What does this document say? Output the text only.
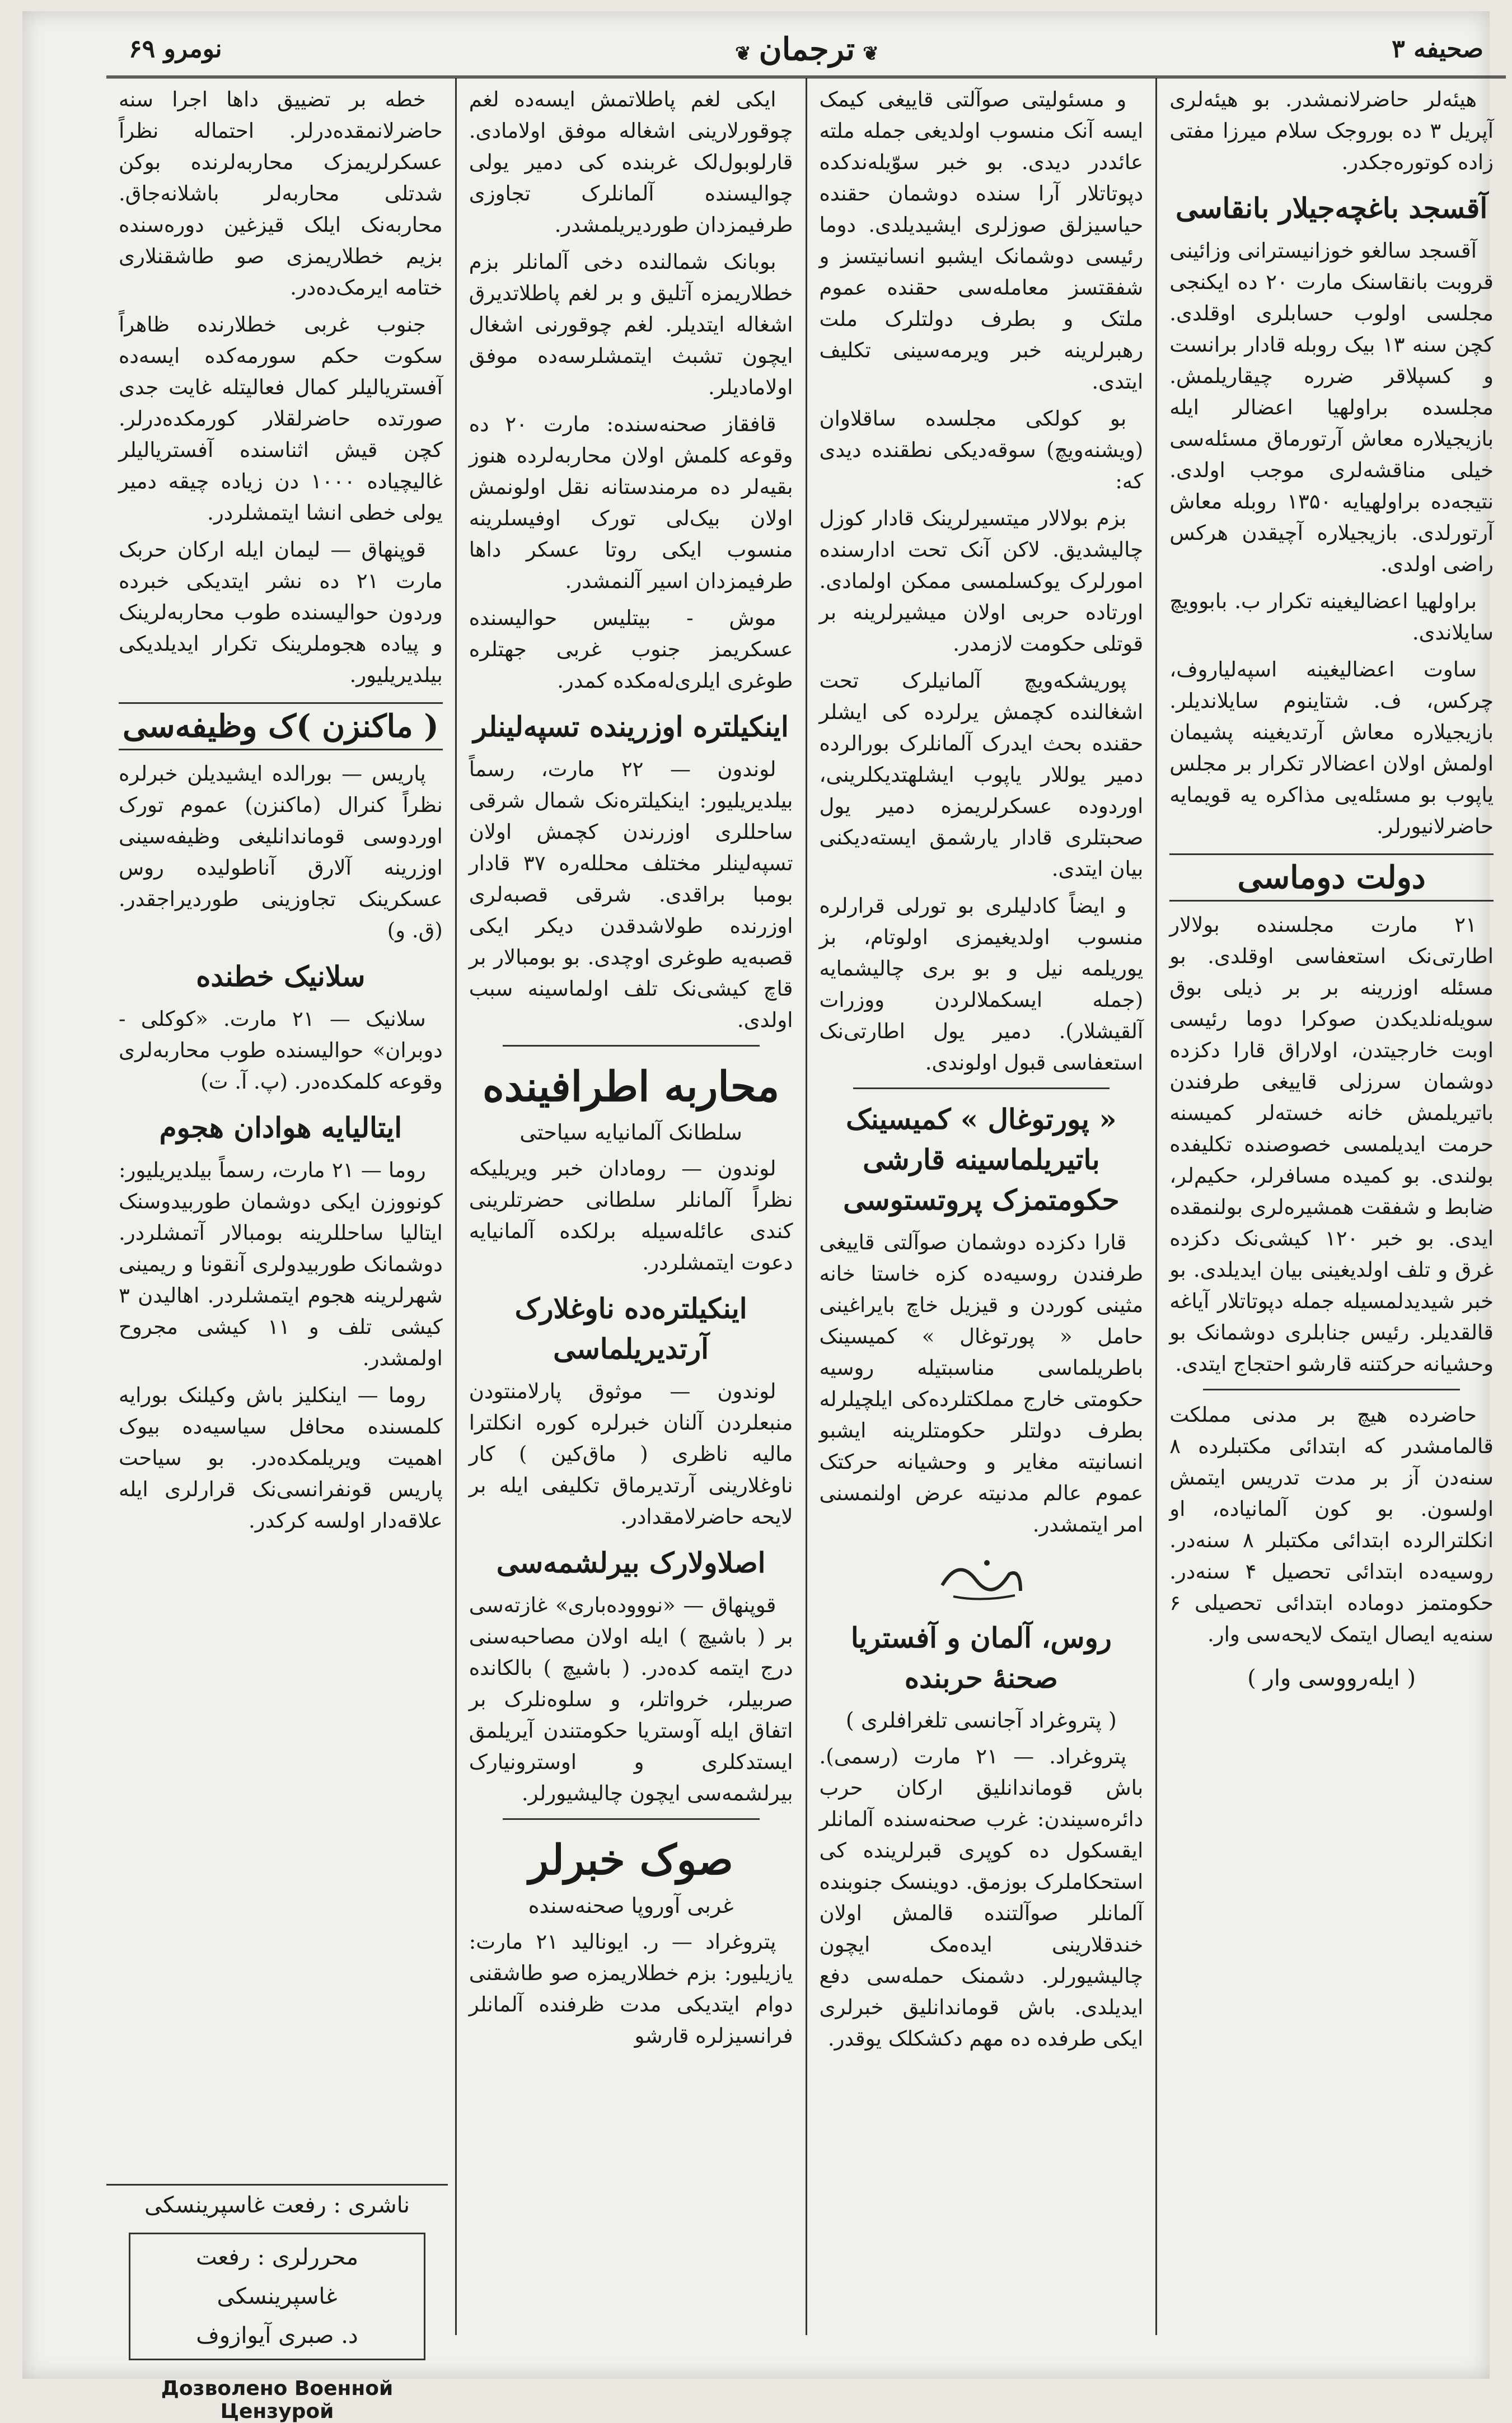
صحیفه ۳
❦ترجمان❦
نومرو ۶۹

هیئه‌لر حاضرلانمشدر. بو هیئه‌لری آپریل ۳ ده بوروجک سلام میرزا مفتی زاده کوتوره‌جکدر.

آقسجد باغچه‌جیلار بانقاسی

آقسجد سالغو خوزانیسترانی وزائینی قروبت بانقاسنک مارت ۲۰ ده ایکنجی مجلسی اولوب حسابلری اوقلدی. کچن سنه ۱۳ بیک روبله قادار برانست و کسپلاقر ضرره چیقاریلمش. مجلسده براولهیا اعضالر ایله بازیجیلاره معاش آرتورماق مسئله‌سی خیلی مناقشه‌لری موجب اولدی. نتیجه‌ده براولهیایه ۱۳۵۰ روبله معاش آرتورلدی. بازیجیلاره آچیقدن هرکس راضی اولدی.

براولهیا اعضالیغینه تکرار ب. بابوویچ سایلاندی.

ساوت اعضالیغینه اسپه‌لیاروف، چرکس، ف. شتاینوم سایلاندیلر. بازیجیلاره معاش آرتدیغینه پشیمان اولمش اولان اعضالار تکرار بر مجلس یاپوب بو مسئله‌یی مذاکره یه قویمایه حاضرلانیورلر.

دولت دوماسی

۲۱ مارت مجلسنده بولالار اطارتی‌نک استعفاسی اوقلدی. بو مسئله اوزرینه بر بر ذیلی بوق سویله‌نلدیکدن صوکرا دوما رئیسی اوبت خارجیتدن، اولاراق قارا دکزده دوشمان سرزلی قاییغی طرفندن باتیریلمش خانه خسته‌لر کمیسنه حرمت ایدیلمسی خصوصنده تکلیفده بولندی. بو کمیده مسافرلر، حکیم‌لر، ضابط و شفقت همشیره‌لری بولنمقده ایدی. بو خبر ۱۲۰ کیشی‌نک دکزده غرق و تلف اولدیغینی بیان ایدیلدی. بو خبر شیدیدلمسیله جمله دپوتاتلار آیاغه قالقدیلر. رئیس جنابلری دوشمانک بو وحشیانه حرکتنه قارشو احتجاج ایتدی.

حاضرده هیچ بر مدنی مملکت قالمامشدر که ابتدائی مکتبلرده ۸ سنه‌دن آز بر مدت تدریس ایتمش اولسون. بو کون آلمانیاده، او انکلترالرده ابتدائی مکتبلر ۸ سنه‌در. روسیه‌ده ابتدائی تحصیل ۴ سنه‌در. حکومتمز دوماده ابتدائی تحصیلی ۶ سنه‌یه ایصال ایتمک لایحه‌سی وار.

( ایله‌رووسی وار )

و مسئولیتی صوآلتی قاییغی کیمک ایسه آنک منسوب اولدیغی جمله ملته عائددر دیدی. بو خبر سوّیله‌ندکده دپوتاتلار آرا سنده دوشمان حقنده حیاسیزلق صوزلری ایشیدیلدی. دوما رئیسی دوشمانک ایشبو انسانیتسز و شفقتسز معامله‌سی حقنده عموم ملتک و بطرف دولتلرک ملت رهبرلرینه خبر ویرمه‌سینی تکلیف ایتدی.

بو کولکی مجلسده ساقلاوان (ویشنه‌ویچ) سوقه‌دیکی نطقنده دیدی که:

بزم بولالار میتسیرلرینک قادار کوزل چالیشدیق. لاکن آنک تحت ادارسنده امورلرک یوکسلمسی ممکن اولمادی. اورتاده حربی اولان میشیرلرینه بر قوتلی حکومت لازمدر.

پوریشکه‌ویچ آلمانیلرک تحت اشغالنده کچمش یرلرده کی ایشلر حقنده بحث ایدرک آلمانلرک بورالرده دمیر یوللار یاپوب ایشلهتدیکلرینی، اوردوده عسکرلریمزه دمیر یول صحبتلری قادار یارشمق ایسته‌دیکنی بیان ایتدی.

و ایضاً کادلیلری بو تورلی قرارلره منسوب اولدیغیمزی اولوتام، بز یوریلمه نیل و بو بری چالیشمایه (جمله ایسکملالردن ووزرات آلقیشلار). دمیر یول اطارتی‌نک استعفاسی قبول اولوندی.

« پورتوغال » کمیسینک باتیریلماسینه قارشی حکومتمزک پروتستوسی

قارا دکزده دوشمان صوآلتی قاییغی طرفندن روسیه‌ده کزه خاستا خانه مثینی کوردن و قیزیل خاچ بایراغینی حامل « پورتوغال » کمیسینک باطریلماسی مناسبتیله روسیه حکومتی خارج مملکتلرده‌کی ایلچیلرله بطرف دولتلر حکومتلرینه ایشبو انسانیته مغایر و وحشیانه حرکتک عموم عالم مدنیته عرض اولنمسنی امر ایتمشدر.

روس، آلمان و آفستریا صحنهٔ حربنده
( پتروغراد آجانسی تلغرافلری )

پتروغراد. — ۲۱ مارت (رسمی). باش قوماندانلیق ارکان حرب دائره‌سیندن: غرب صحنه‌سنده آلمانلر ایقسکول ده کوپری قبرلرینده کی استحکاملرک بوزمق. دوینسک جنوبنده آلمانلر صوآلتنده قالمش اولان خندقلارینی ایده‌مک ایچون چالیشیورلر. دشمنک حمله‌سی دفع ایدیلدی. باش قوماندانلیق خبرلری ایکی طرفده ده مهم دکشکلک یوقدر.

ایکی لغم پاطلاتمش ایسه‌ده لغم چوقورلارینی اشغاله موفق اولامادی. قارلوبول‌لک غربنده کی دمیر یولی چوالیسنده آلمانلرک تجاوزی طرفیمزدان طوردیریلمشدر.

بوبانک شمالنده دخی آلمانلر بزم خطلاریمزه آتلیق و بر لغم پاطلاتدیرق اشغاله ایتدیلر. لغم چوقورنی اشغال ایچون تشبث ایتمشلرسه‌ده موفق اولامادیلر.

قافقاز صحنه‌سنده: مارت ۲۰ ده وقوعه کلمش اولان محاربه‌لرده هنوز بقیه‌لر ده مرمندستانه نقل اولونمش اولان بیک‌لی تورک اوفیسلرینه منسوب ایکی روتا عسکر داها طرفیمزدان اسیر آلنمشدر.

موش - بیتلیس حوالیسنده عسکریمز جنوب غربی جهتلره طوغری ایلری‌له‌مکده کمدر.

اینکیلتره اوزرینده تسپه‌لینلر

لوندون — ۲۲ مارت، رسماً بیلدیریلیور: اینکیلتره‌نک شمال شرقی ساحللری اوزرندن کچمش اولان تسپه‌لینلر مختلف محلله‌ره ۳۷ قادار بومبا براقدی. شرقی قصبه‌لری اوزرنده طولاشدقدن دیکر ایکی قصبه‌یه طوغری اوچدی. بو بومبالار بر قاچ کیشی‌نک تلف اولماسینه سبب اولدی.

محاربه اطرافینده
سلطانک آلمانیایه سیاحتی

لوندون — رومادان خبر ویریلیکه نظراً آلمانلر سلطانی حضرتلرینی کندی عائله‌سیله برلکده آلمانیایه دعوت ایتمشلردر.

اینکیلتره‌ده ناوغلارک آرتدیریلماسی

لوندون — موثوق پارلامنتودن منبعلردن آلنان خبرلره کوره انکلترا مالیه ناظری ( ماق‌کین ) کار ناوغلارینی آرتدیرماق تکلیفی ایله بر لایحه حاضرلامقدادر.

اصلاولارک بیرلشمه‌سی

قوپنهاق — «نوووده‌باری» غازته‌سی بر ( باشیچ ) ایله اولان مصاحبه‌سنی درج ایتمه کده‌در. ( باشیچ ) بالکانده صربیلر، خرواتلر، و سلوه‌نلرک بر اتفاق ایله آوستریا حکومتندن آیریلمق ایستدکلری و اوسترونیارک بیرلشمه‌سی ایچون چالیشیورلر.

صوک خبرلر
غربی آوروپا صحنه‌سنده

پتروغراد — ر. ایونالید ۲۱ مارت: یازیلیور: بزم خطلاریمزه صو طاشقنی دوام ایتدیکی مدت ظرفنده آلمانلر فرانسیزلره قارشو

خطه بر تضییق داها اجرا سنه حاضرلانمقده‌درلر. احتماله نظراً عسکرلریمزک محاربه‌لرنده بوکن شدتلی محاربه‌لر باشلانه‌جاق. محاربه‌نک ایلک قیزغین دوره‌سنده بزیم خطلاریمزی صو طاشقنلاری ختامه ایرمک‌ده‌در.

جنوب غربی خطلارنده ظاهراً سکوت حکم سورمه‌کده ایسه‌ده آفستریالیلر کمال فعالیتله غایت جدی صورتده حاضرلقلار کورمکده‌درلر. کچن قیش اثناسنده آفستریالیلر غالیچیاده ۱۰۰۰ دن زیاده چیقه دمیر یولی خطی انشا ایتمشلردر.

قوپنهاق — لیمان ایله ارکان حربک مارت ۲۱ ده نشر ایتدیکی خبرده وردون حوالیسنده طوب محاربه‌لرینک و پیاده هجوملرینک تکرار ایدیلدیکی بیلدیریلیور.

( ماکنزن )ک وظیفه‌سی

پاریس — بورالده ایشیدیلن خبرلره نظراً کنرال (ماکنزن) عموم تورک اوردوسی قوماندانلیغی وظیفه‌سینی اوزرینه آلارق آناطولیده روس عسکرینک تجاوزینی طوردیراجقدر. (ق. و)

سلانیک خطنده

سلانیک — ۲۱ مارت. «کوکلی - دوبران» حوالیسنده طوب محاربه‌لری وقوعه کلمکده‌در. (پ. آ. ت)

ایتالیایه هوادان هجوم

روما — ۲۱ مارت، رسماً بیلدیریلیور: کونووزن ایکی دوشمان طوربیدوسنک ایتالیا ساحللرینه بومبالار آتمشلردر. دوشمانک طوربیدولری آنقونا و ریمینی شهرلرینه هجوم ایتمشلردر. اهالیدن ۳ کیشی تلف و ۱۱ کیشی مجروح اولمشدر.

روما — اینکلیز باش وکیلنک بورایه کلمسنده محافل سیاسیه‌ده بیوک اهمیت ویریلمکده‌در. بو سیاحت پاریس قونفرانسی‌نک قرارلری ایله علاقه‌دار اولسه کرکدر.

ناشری : رفعت غاسپرینسکی
محررلری : رفعت غاسپرینسکی
د. صبری آیوازوف
Дозволено Военной Цензурой
